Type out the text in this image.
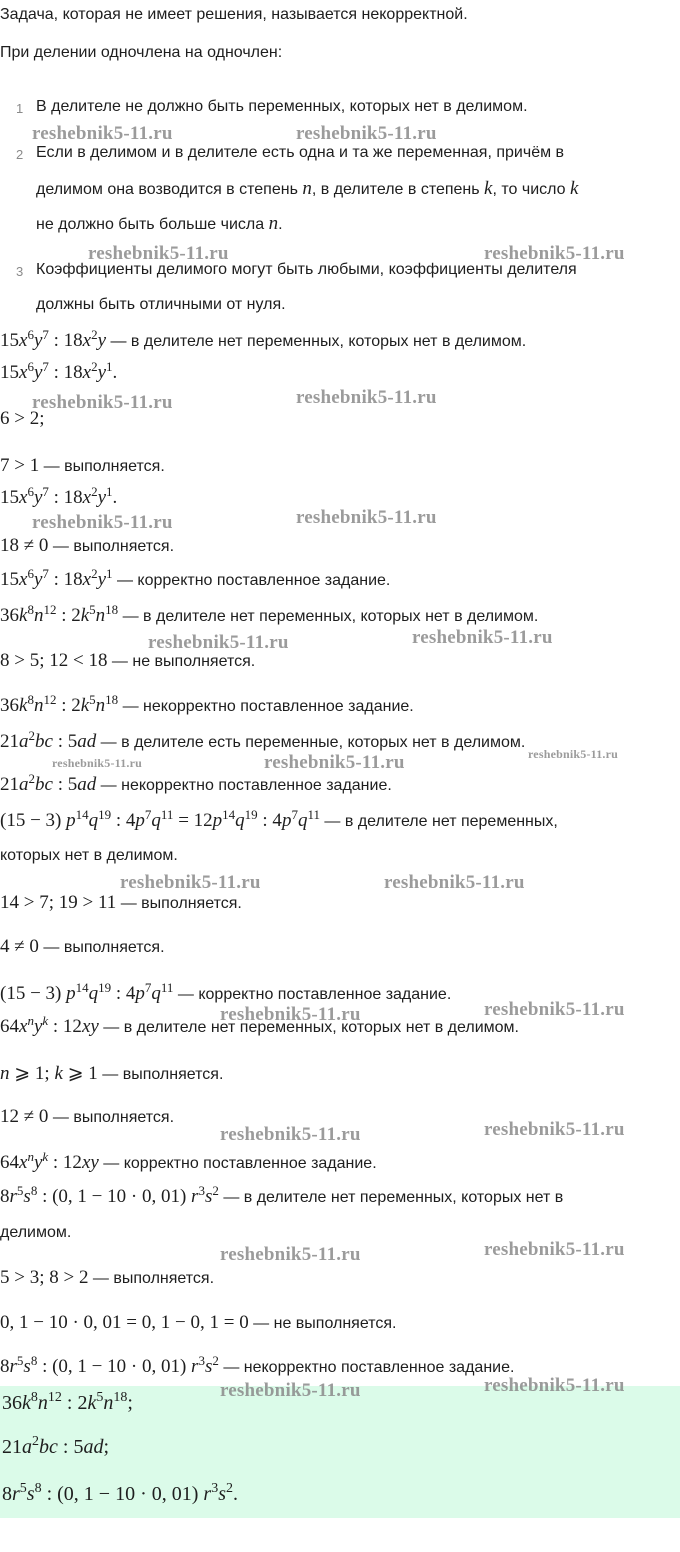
Задача, которая не имеет решения, называется некорректной.
При делении одночлена на одночлен:
1 В делителе не должно быть переменных, которых нет в делимом.
2 Если в делимом и в делителе есть одна и та же переменная, причём в
делимом она возводится в степень n, в делителе в степень k, то число k
не должно быть больше числа n.
3 Коэффициенты делимого могут быть любыми, коэффициенты делителя
должны быть отличными от нуля.
$15x^6y^7$ : $18x^2y$ — в делителе нет переменных, которых нет в делимом.
$15x^6y^7$ : $18x^2y^1$.
6 > 2;
7 > 1 — выполняется.
$15x^6y^7$ : $18x^2y^1$.
18 ≠ 0 — выполняется.
$15x^6y^7$ : $18x^2y^1$ — корректно поставленное задание.
$36k^8n^{12}$ : $2k^5n^{18}$ — в делителе нет переменных, которых нет в делимом.
8 > 5; 12 < 18 — не выполняется.
$36k^8n^{12}$ : $2k^5n^{18}$ — некорректно поставленное задание.
$21a^2bc$ : 5ad — в делителе есть переменные, которых нет в делимом.
$21a^2bc$ : 5ad — некорректно поставленное задание.
(15 − 3) $p^{14}q^{19}$ : $4p^7q^{11} = 12p^{14}q^{19}$ : $4p^7q^{11}$ — в делителе нет переменных,
которых нет в делимом.
14 > 7; 19 > 11 — выполняется.
4 ≠ 0 — выполняется.
(15 − 3) $p^{14}q^{19}$ : $4p^7q^{11}$ — корректно поставленное задание.
$64x^ny^k$ : 12xy — в делителе нет переменных, которых нет в делимом.
n ⩾ 1; k ⩾ 1 — выполняется.
12 ≠ 0 — выполняется.
$64x^ny^k$ : 12xy — корректно поставленное задание.
$8r^5s^8$ : (0, 1 − 10 · 0, 01) $r^3s^2$ — в делителе нет переменных, которых нет в
делимом.
5 > 3; 8 > 2 — выполняется.
0, 1 − 10 · 0, 01 = 0, 1 − 0, 1 = 0 — не выполняется.
$8r^5s^8$ : (0, 1 − 10 · 0, 01) $r^3s^2$ — некорректно поставленное задание.
$36k^8n^{12}$ : $2k^5n^{18}$;
$21a^2bc$ : 5ad;
$8r^5s^8$ : (0, 1 − 10 · 0, 01) $r^3s^2$.
reshebnik5-11.ru	reshebnik5-11.ru
reshebnik5-11.ru	reshebnik5-11.ru
reshebnik5-11.ru	reshebnik5-11.ru
reshebnik5-11.ru	reshebnik5-11.ru
reshebnik5-11.ru	reshebnik5-11.ru
reshebnik5-11.ru	reshebnik5-11.ru	reshebnik5-11.ru
reshebnik5-11.ru	reshebnik5-11.ru
reshebnik5-11.ru	reshebnik5-11.ru
reshebnik5-11.ru	reshebnik5-11.ru
reshebnik5-11.ru	reshebnik5-11.ru
reshebnik5-11.ru	reshebnik5-11.ru
